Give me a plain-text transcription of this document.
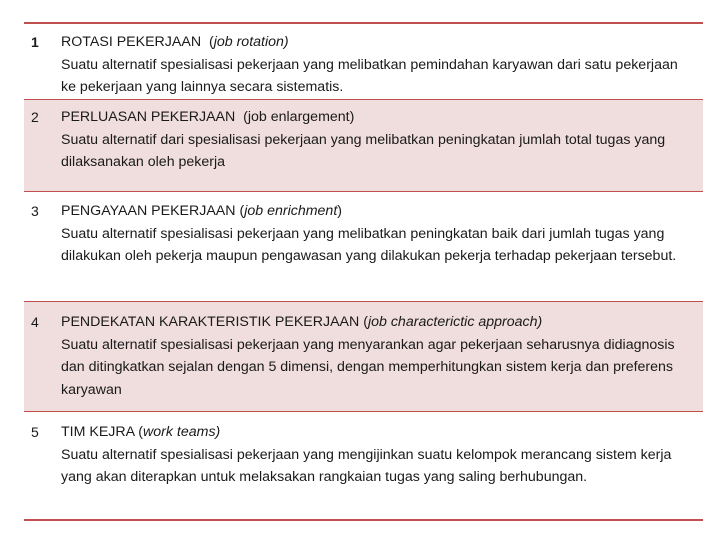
1	ROTASI PEKERJAAN (job rotation)
Suatu alternatif spesialisasi pekerjaan yang melibatkan pemindahan karyawan dari satu pekerjaan ke pekerjaan yang lainnya secara sistematis.
2	PERLUASAN PEKERJAAN (job enlargement)
Suatu alternatif dari spesialisasi pekerjaan yang melibatkan peningkatan jumlah total tugas yang dilaksanakan oleh pekerja
3	PENGAYAAN PEKERJAAN (job enrichment)
Suatu alternatif spesialisasi pekerjaan yang melibatkan peningkatan baik dari jumlah tugas yang dilakukan oleh pekerja maupun pengawasan yang dilakukan pekerja terhadap pekerjaan tersebut.
4	PENDEKATAN KARAKTERISTIK PEKERJAAN (job characterictic approach)
Suatu alternatif spesialisasi pekerjaan yang menyarankan agar pekerjaan seharusnya didiagnosis dan ditingkatkan sejalan dengan 5 dimensi, dengan memperhitungkan sistem kerja dan preferens karyawan
5	TIM KEJRA (work teams)
Suatu alternatif spesialisasi pekerjaan yang mengijinkan suatu kelompok merancang sistem kerja yang akan diterapkan untuk melaksakan rangkaian tugas yang saling berhubungan.
